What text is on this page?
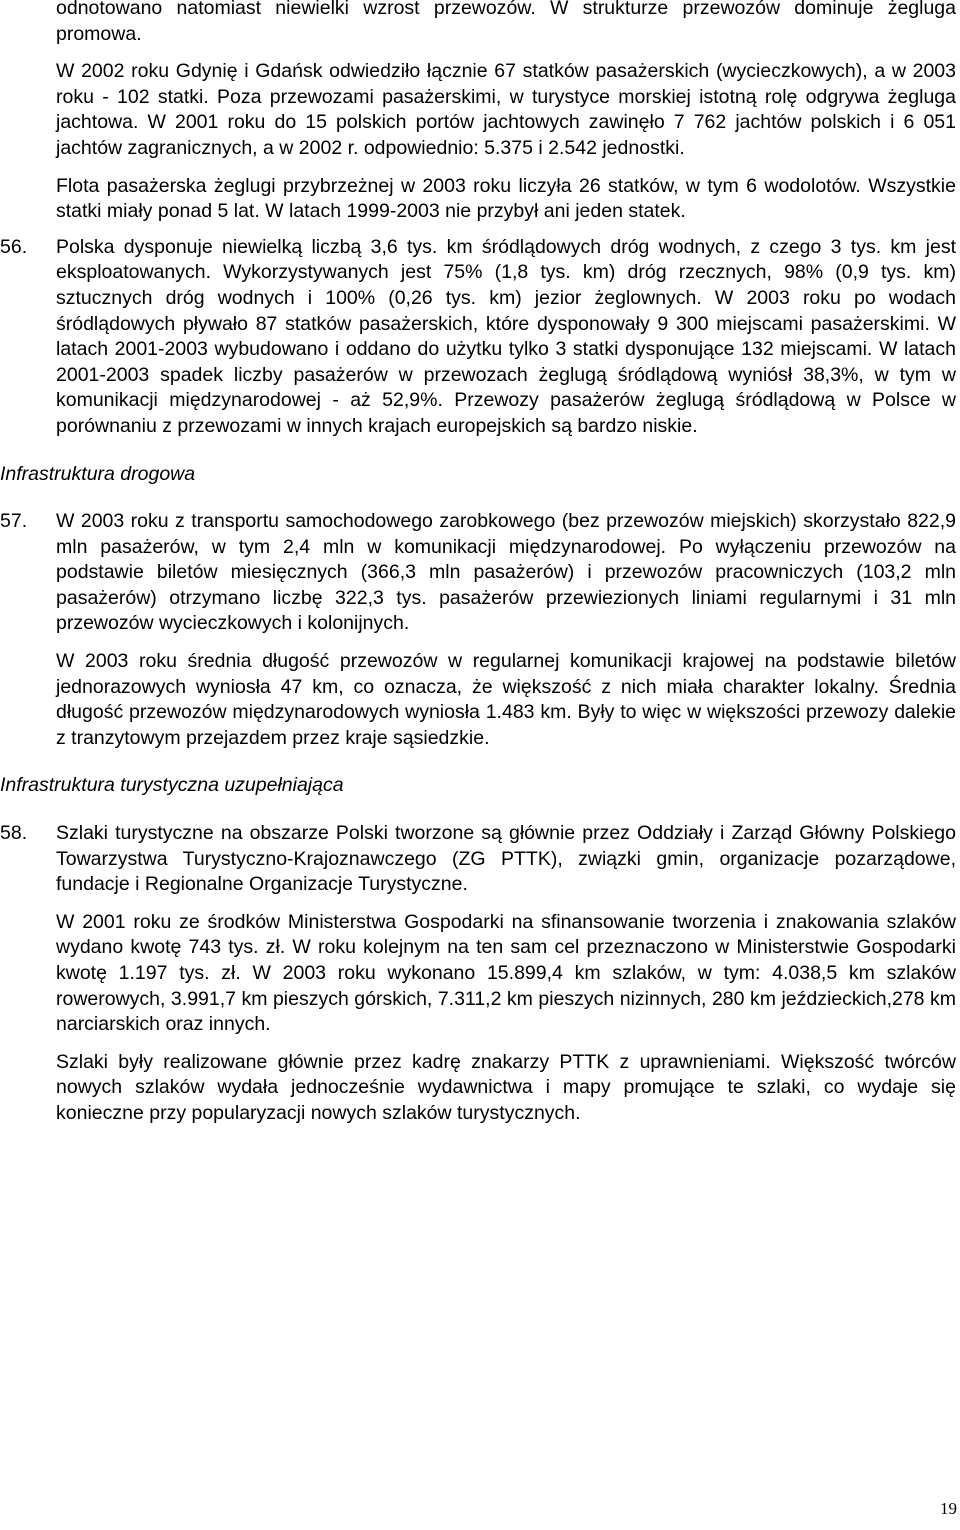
odnotowano natomiast niewielki wzrost przewozów. W strukturze przewozów dominuje żegluga promowa.

W 2002 roku Gdynię i Gdańsk odwiedziło łącznie 67 statków pasażerskich (wycieczkowych), a w 2003 roku - 102 statki. Poza przewozami pasażerskimi, w turystyce morskiej istotną rolę odgrywa żegluga jachtowa. W 2001 roku do 15 polskich portów jachtowych zawinęło 7 762 jachtów polskich i 6 051 jachtów zagranicznych, a w 2002 r. odpowiednio: 5.375 i 2.542 jednostki.

Flota pasażerska żeglugi przybrzeżnej w 2003 roku liczyła 26 statków, w tym 6 wodolotów. Wszystkie statki miały ponad 5 lat. W latach 1999-2003 nie przybył ani jeden statek.

56.	Polska dysponuje niewielką liczbą 3,6 tys. km śródlądowych dróg wodnych, z czego 3 tys. km jest eksploatowanych. Wykorzystywanych jest 75% (1,8 tys. km) dróg rzecznych, 98% (0,9 tys. km) sztucznych dróg wodnych i 100% (0,26 tys. km) jezior żeglownych. W 2003 roku po wodach śródlądowych pływało 87 statków pasażerskich, które dysponowały 9 300 miejscami pasażerskimi. W latach 2001-2003 wybudowano i oddano do użytku tylko 3 statki dysponujące 132 miejscami. W latach 2001-2003 spadek liczby pasażerów w przewozach żeglugą śródlądową wyniósł 38,3%, w tym w komunikacji międzynarodowej - aż 52,9%. Przewozy pasażerów żeglugą śródlądową w Polsce w porównaniu z przewozami w innych krajach europejskich są bardzo niskie.

Infrastruktura drogowa

57.	W 2003 roku z transportu samochodowego zarobkowego (bez przewozów miejskich) skorzystało 822,9 mln pasażerów, w tym 2,4 mln w komunikacji międzynarodowej. Po wyłączeniu przewozów na podstawie biletów miesięcznych (366,3 mln pasażerów) i przewozów pracowniczych (103,2 mln pasażerów) otrzymano liczbę 322,3 tys. pasażerów przewiezionych liniami regularnymi i 31 mln przewozów wycieczkowych i kolonijnych.

W 2003 roku średnia długość przewozów w regularnej komunikacji krajowej na podstawie biletów jednorazowych wyniosła 47 km, co oznacza, że większość z nich miała charakter lokalny. Średnia długość przewozów międzynarodowych wyniosła 1.483 km. Były to więc w większości przewozy dalekie z tranzytowym przejazdem przez kraje sąsiedzkie.

Infrastruktura turystyczna uzupełniająca

58.	Szlaki turystyczne na obszarze Polski tworzone są głównie przez Oddziały i Zarząd Główny Polskiego Towarzystwa Turystyczno-Krajoznawczego (ZG PTTK), związki gmin, organizacje pozarządowe, fundacje i Regionalne Organizacje Turystyczne.

W 2001 roku ze środków Ministerstwa Gospodarki na sfinansowanie tworzenia i znakowania szlaków wydano kwotę 743 tys. zł. W roku kolejnym na ten sam cel przeznaczono w Ministerstwie Gospodarki kwotę 1.197 tys. zł. W 2003 roku wykonano 15.899,4 km szlaków, w tym: 4.038,5 km szlaków rowerowych, 3.991,7 km pieszych górskich, 7.311,2 km pieszych nizinnych, 280 km jeździeckich,278 km narciarskich oraz innych.

Szlaki były realizowane głównie przez kadrę znakarzy PTTK z uprawnieniami. Większość twórców nowych szlaków wydała jednocześnie wydawnictwa i mapy promujące te szlaki, co wydaje się konieczne przy popularyzacji nowych szlaków turystycznych.

19
